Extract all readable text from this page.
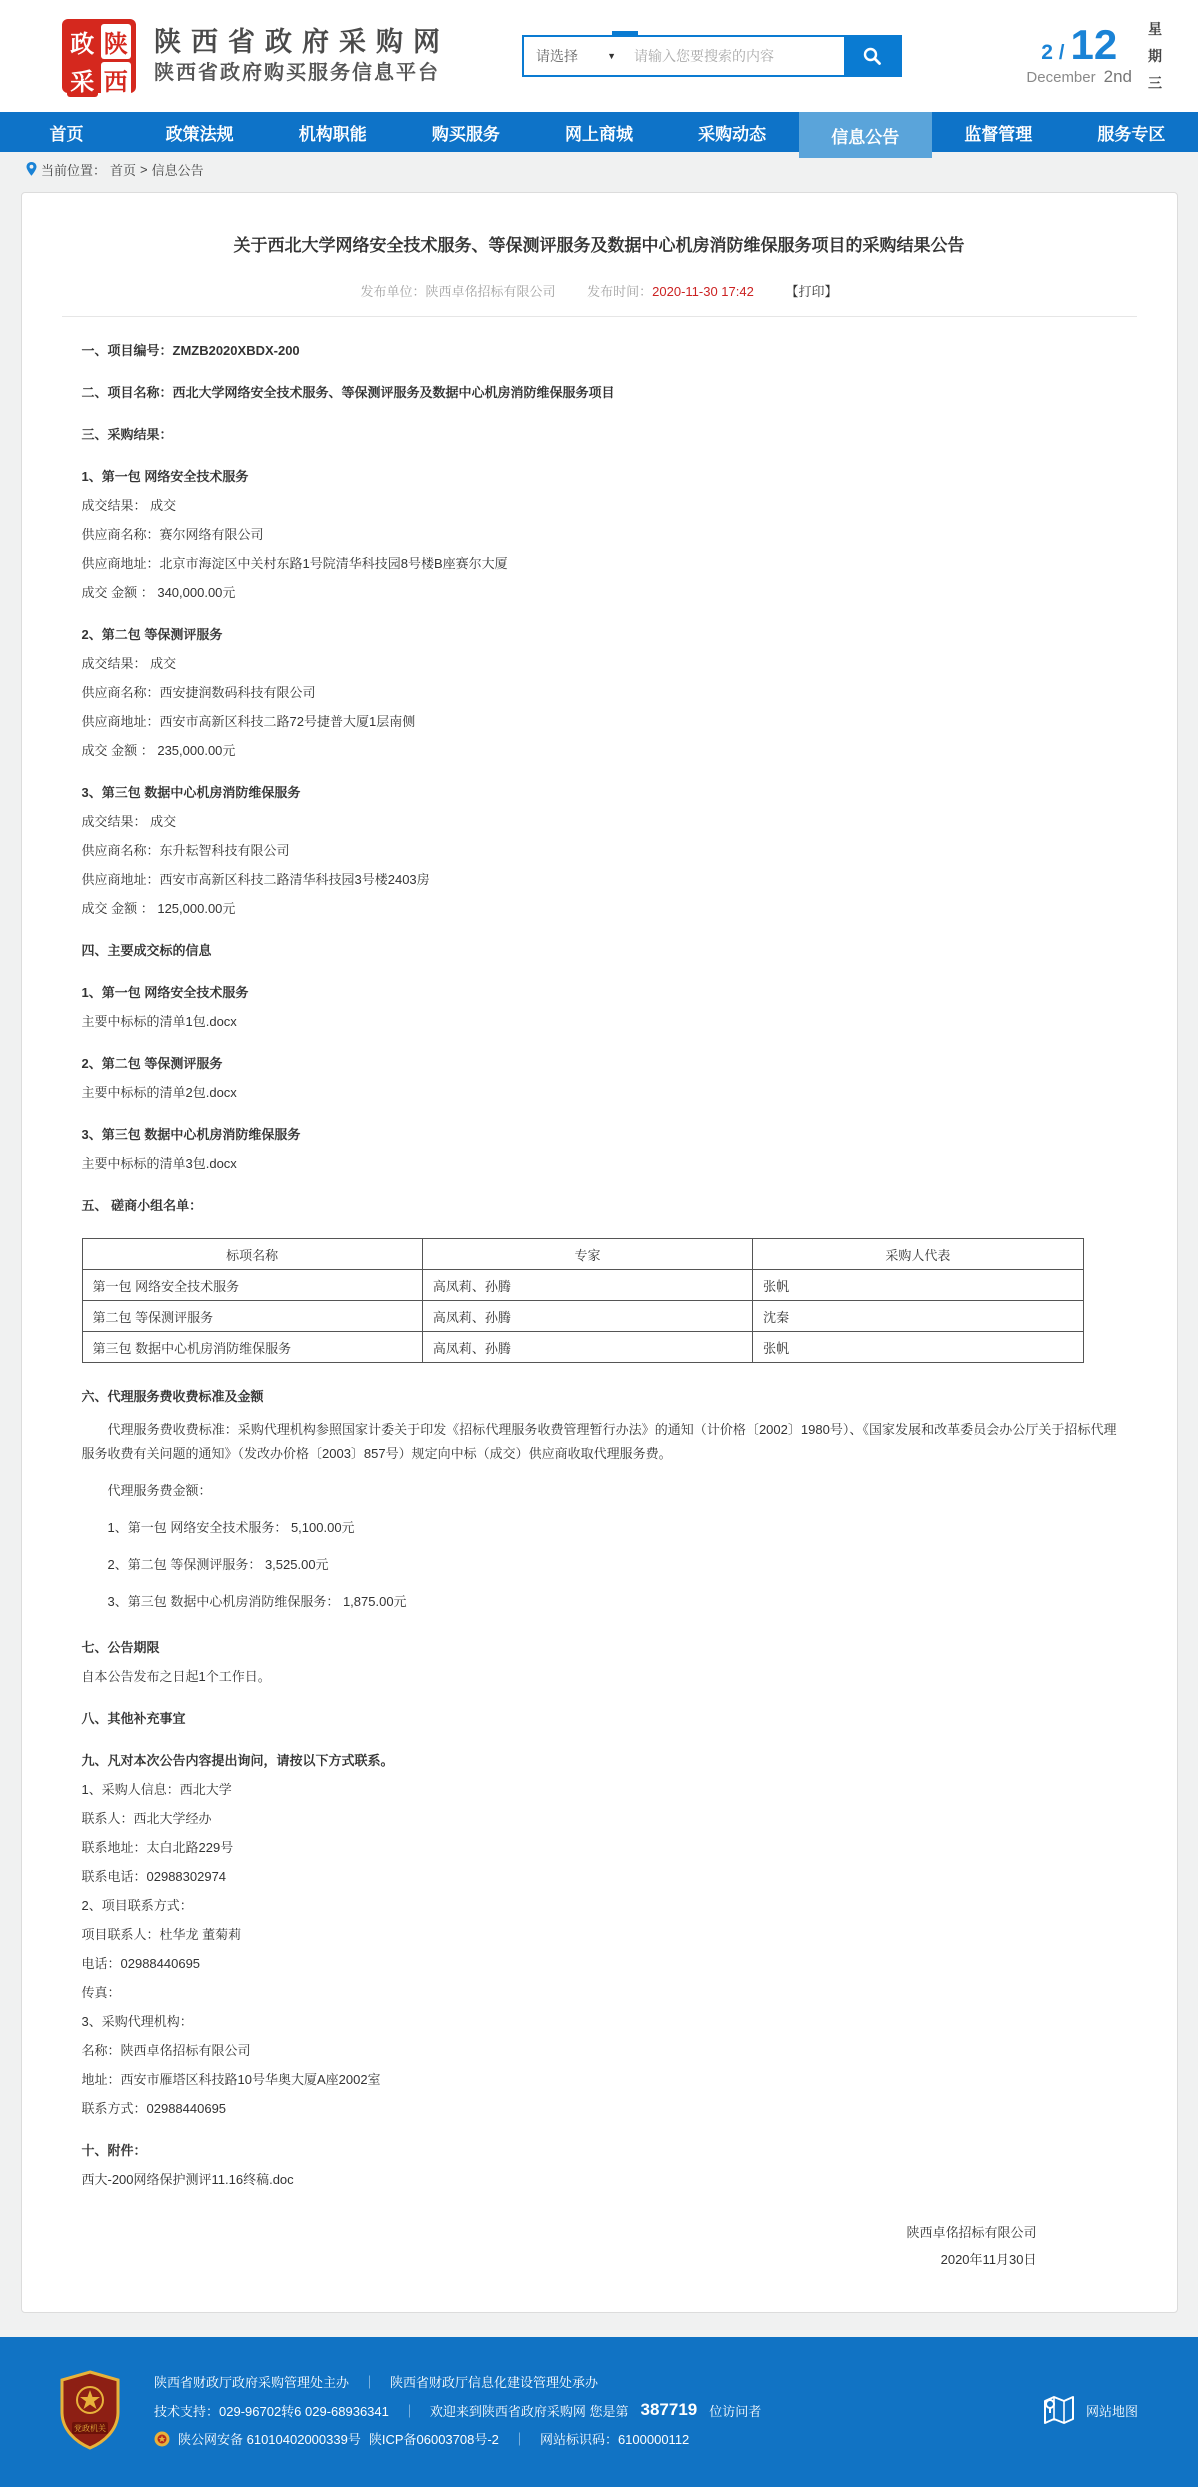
政 陕
采 西
陕西省政府采购网
陕西省政府购买服务信息平台
请选择	▼
请输入您要搜索的内容	2 / 12
December 2nd
星
期
三
首页	政策法规	机构职能	购买服务	网上商城	采购动态	信息公告	监督管理	服务专区
当前位置： 首页 > 信息公告
关于西北大学网络安全技术服务、等保测评服务及数据中心机房消防维保服务项目的采购结果公告
发布单位：陕西卓佲招标有限公司 发布时间：2020-11-30 17:42 【打印】

一、项目编号：ZMZB2020XBDX-200

二、项目名称：西北大学网络安全技术服务、等保测评服务及数据中心机房消防维保服务项目

三、采购结果：

1、第一包 网络安全技术服务

成交结果： 成交

供应商名称：赛尔网络有限公司

供应商地址：北京市海淀区中关村东路1号院清华科技园8号楼B座赛尔大厦

成交 金额 ： 340,000.00元

2、第二包 等保测评服务

成交结果： 成交

供应商名称：西安捷润数码科技有限公司

供应商地址：西安市高新区科技二路72号捷普大厦1层南侧

成交 金额 ： 235,000.00元

3、第三包 数据中心机房消防维保服务

成交结果： 成交

供应商名称：东升耘智科技有限公司

供应商地址：西安市高新区科技二路清华科技园3号楼2403房

成交 金额 ： 125,000.00元

四、主要成交标的信息

1、第一包 网络安全技术服务

主要中标标的清单1包.docx

2、第二包 等保测评服务

主要中标标的清单2包.docx

3、第三包 数据中心机房消防维保服务

主要中标标的清单3包.docx

五、 磋商小组名单：

标项名称	专家	采购人代表
第一包 网络安全技术服务	高凤莉、孙腾	张帆
第二包 等保测评服务	高凤莉、孙腾	沈秦
第三包 数据中心机房消防维保服务	高凤莉、孙腾	张帆

六、代理服务费收费标准及金额

代理服务费收费标准：采购代理机构参照国家计委关于印发《招标代理服务收费管理暂行办法》的通知（计价格〔2002〕1980号）、《国家发展和改革委员会办公厅关于招标代理服务收费有关问题的通知》（发改办价格〔2003〕857号）规定向中标（成交）供应商收取代理服务费。

代理服务费金额：

1、第一包 网络安全技术服务： 5,100.00元

2、第二包 等保测评服务： 3,525.00元

3、第三包 数据中心机房消防维保服务： 1,875.00元

七、公告期限

自本公告发布之日起1个工作日。

八、其他补充事宜

九、凡对本次公告内容提出询问，请按以下方式联系。

1、采购人信息：西北大学

联系人：西北大学经办

联系地址：太白北路229号

联系电话：02988302974

2、项目联系方式：

项目联系人：杜华龙 董菊莉

电话：02988440695

传真：

3、采购代理机构：

名称：陕西卓佲招标有限公司

地址：西安市雁塔区科技路10号华奥大厦A座2002室

联系方式：02988440695

十、附件：

西大-200网络保护测评11.16终稿.doc

陕西卓佲招标有限公司
2020年11月30日
党政机关
陕西省财政厅政府采购管理处主办 ｜ 陕西省财政厅信息化建设管理处承办
技术支持：029-96702转6 029-68936341 ｜ 欢迎来到陕西省政府采购网 您是第 387719 位访问者
陕公网安备 61010402000339号 陕ICP备06003708号-2 ｜ 网站标识码：6100000112
网站地图
